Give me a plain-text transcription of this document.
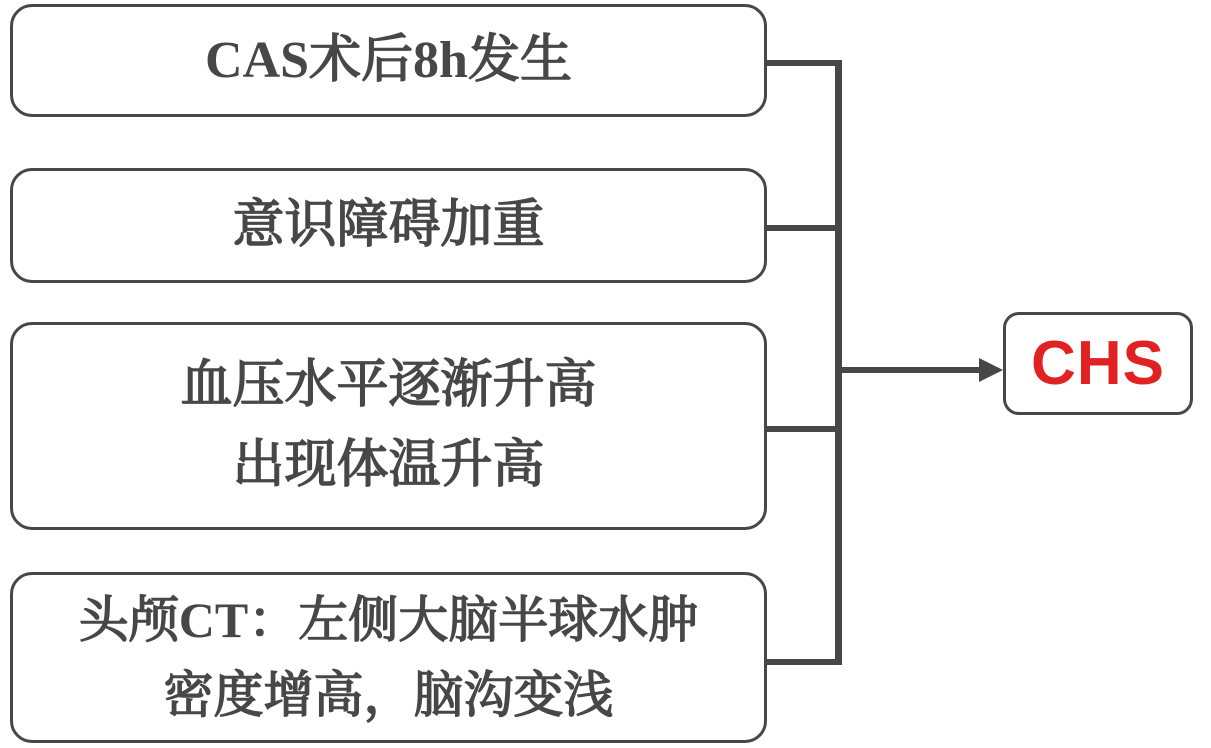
CAS术后8h发生
意识障碍加重
血压水平逐渐升高
出现体温升高
头颅CT：左侧大脑半球水肿
密度增高，脑沟变浅
CHS
